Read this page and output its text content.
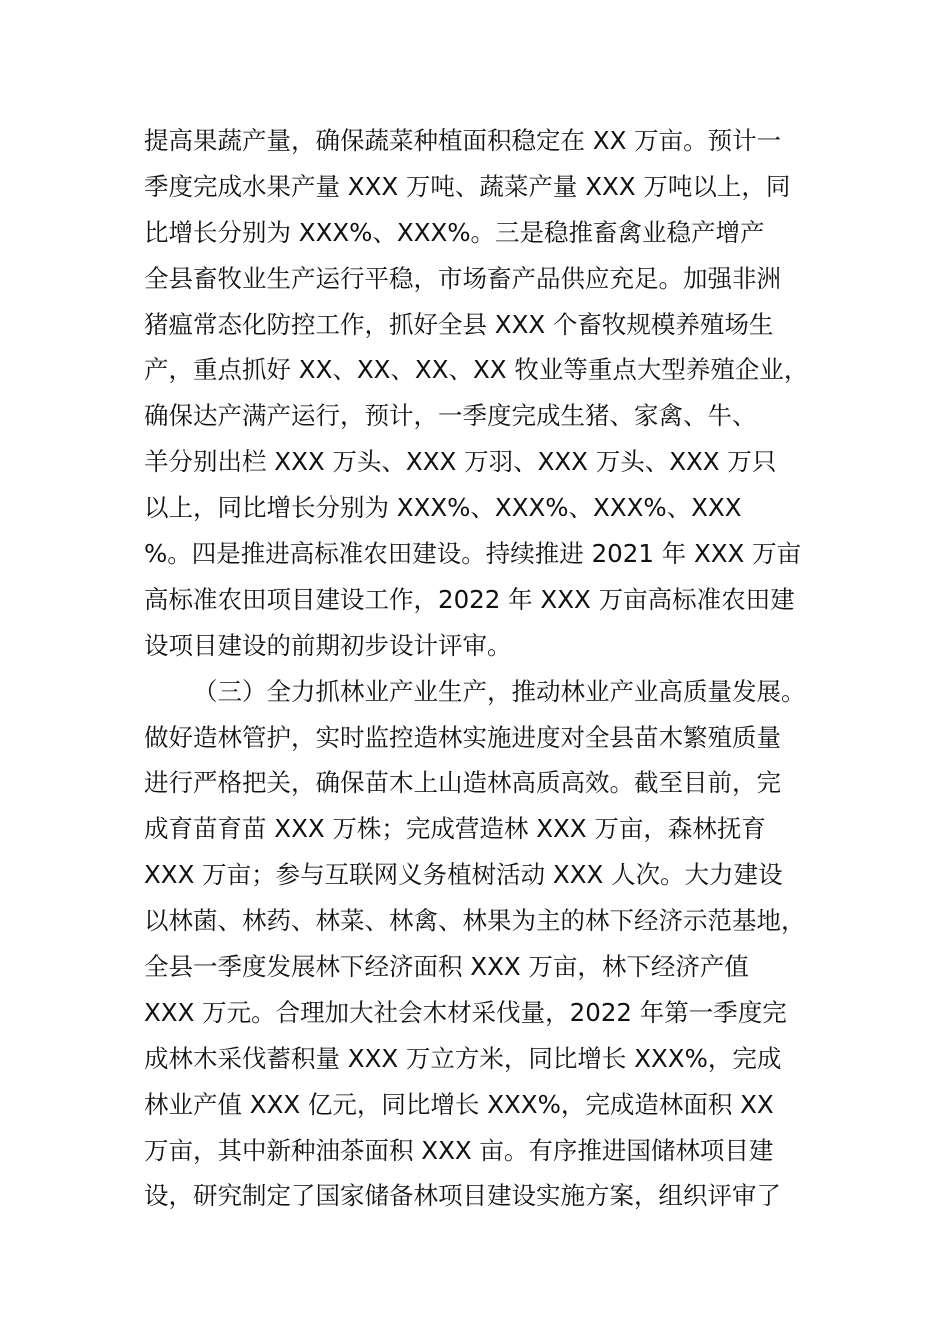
提高果蔬产量，确保蔬菜种植面积稳定在 XX 万亩。预计一
季度完成水果产量 XXX 万吨、蔬菜产量 XXX 万吨以上，同
比增长分别为 XXX%、XXX%。三是稳推畜禽业稳产增产
全县畜牧业生产运行平稳，市场畜产品供应充足。加强非洲
猪瘟常态化防控工作，抓好全县 XXX 个畜牧规模养殖场生
产，重点抓好 XX、XX、XX、XX 牧业等重点大型养殖企业，
确保达产满产运行，预计，一季度完成生猪、家禽、牛、
羊分别出栏 XXX 万头、XXX 万羽、XXX 万头、XXX 万只
以上，同比增长分别为 XXX%、XXX%、XXX%、XXX
%。四是推进高标准农田建设。持续推进 2021 年 XXX 万亩
高标准农田项目建设工作，2022 年 XXX 万亩高标准农田建
设项目建设的前期初步设计评审。
（三）全力抓林业产业生产，推动林业产业高质量发展。
做好造林管护，实时监控造林实施进度对全县苗木繁殖质量
进行严格把关，确保苗木上山造林高质高效。截至目前，完
成育苗育苗 XXX 万株；完成营造林 XXX 万亩，森林抚育
XXX 万亩；参与互联网义务植树活动 XXX 人次。大力建设
以林菌、林药、林菜、林禽、林果为主的林下经济示范基地，
全县一季度发展林下经济面积 XXX 万亩，林下经济产值
XXX 万元。合理加大社会木材采伐量，2022 年第一季度完
成林木采伐蓄积量 XXX 万立方米，同比增长 XXX%，完成
林业产值 XXX 亿元，同比增长 XXX%，完成造林面积 XX
万亩，其中新种油茶面积 XXX 亩。有序推进国储林项目建
设，研究制定了国家储备林项目建设实施方案，组织评审了
